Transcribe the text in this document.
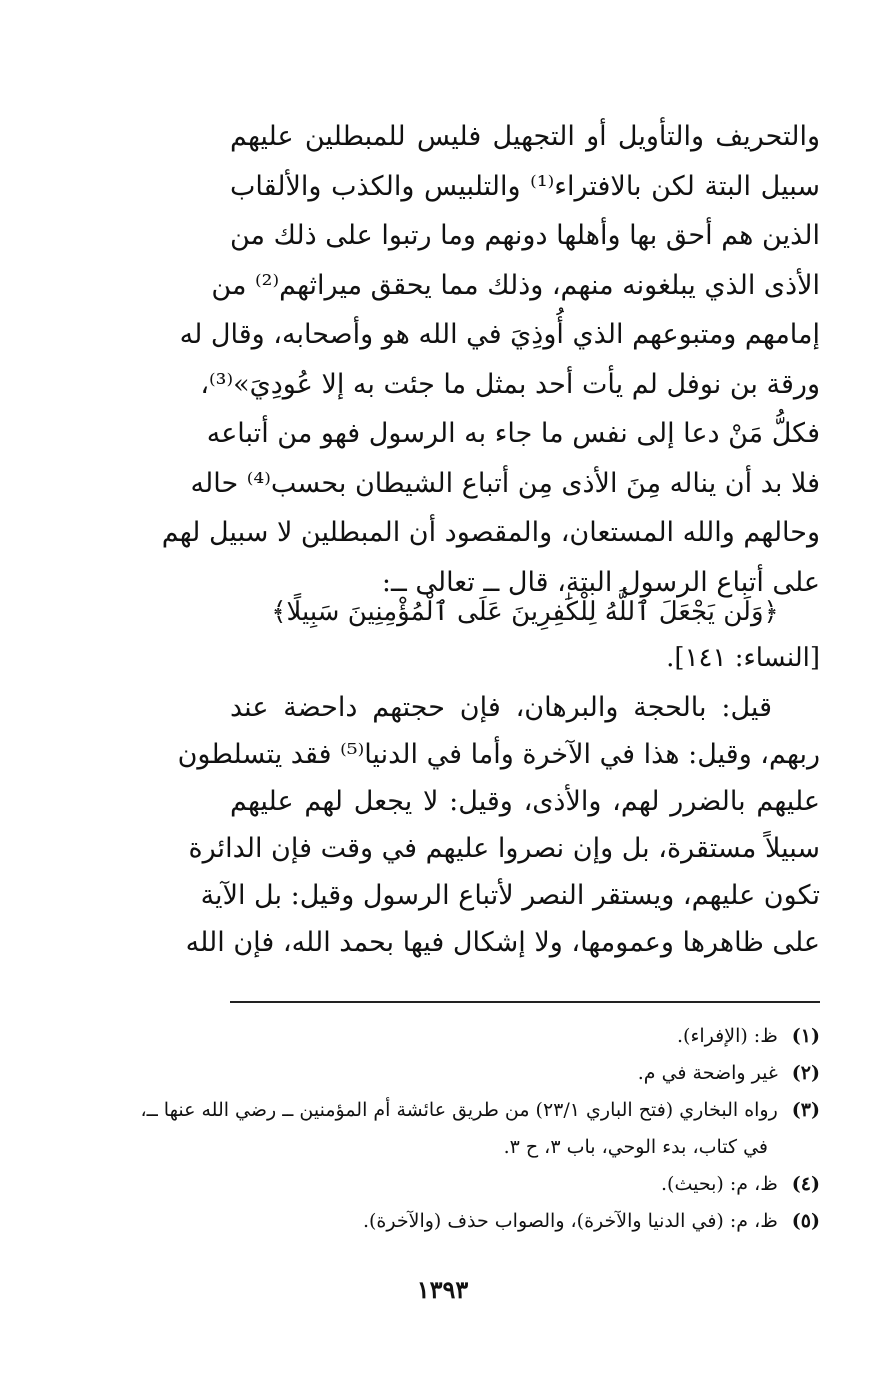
والتحريف والتأويل أو التجهيل فليس للمبطلين عليهم
سبيل البتة لكن بالافتراء⁽¹⁾ والتلبيس والكذب والألقاب
الذين هم أحق بها وأهلها دونهم وما رتبوا على ذلك من
الأذى الذي يبلغونه منهم، وذلك مما يحقق ميراثهم⁽²⁾ من
إمامهم ومتبوعهم الذي أُوذِيَ في الله هو وأصحابه، وقال له
ورقة بن نوفل لم يأت أحد بمثل ما جئت به إلا عُودِيَ»⁽³⁾،
فكلُّ مَنْ دعا إلى نفس ما جاء به الرسول فهو من أتباعه
فلا بد أن يناله مِنَ الأذى مِن أتباع الشيطان بحسب⁽⁴⁾ حاله
وحالهم والله المستعان، والمقصود أن المبطلين لا سبيل لهم
على أتباع الرسول البتة، قال ــ تعالى ــ:
﴿وَلَن يَجْعَلَ ٱللَّهُ لِلْكَٰفِرِينَ عَلَى ٱلْمُؤْمِنِينَ سَبِيلًا﴾
[النساء: ١٤١].
قيل: بالحجة والبرهان، فإن حجتهم داحضة عند
ربهم، وقيل: هذا في الآخرة وأما في الدنيا⁽⁵⁾ فقد يتسلطون
عليهم بالضرر لهم، والأذى، وقيل: لا يجعل لهم عليهم
سبيلاً مستقرة، بل وإن نصروا عليهم في وقت فإن الدائرة
تكون عليهم، ويستقر النصر لأتباع الرسول وقيل: بل الآية
على ظاهرها وعمومها، ولا إشكال فيها بحمد الله، فإن الله
(١)ظ: (الإفراء).
(٢)غير واضحة في م.
(٣)رواه البخاري (فتح الباري ٢٣/١) من طريق عائشة أم المؤمنين ــ رضي الله عنها ــ،
في كتاب، بدء الوحي، باب ٣، ح ٣.
(٤)ظ، م: (بحيث).
(٥)ظ، م: (في الدنيا والآخرة)، والصواب حذف (والآخرة).
١٣٩٣
